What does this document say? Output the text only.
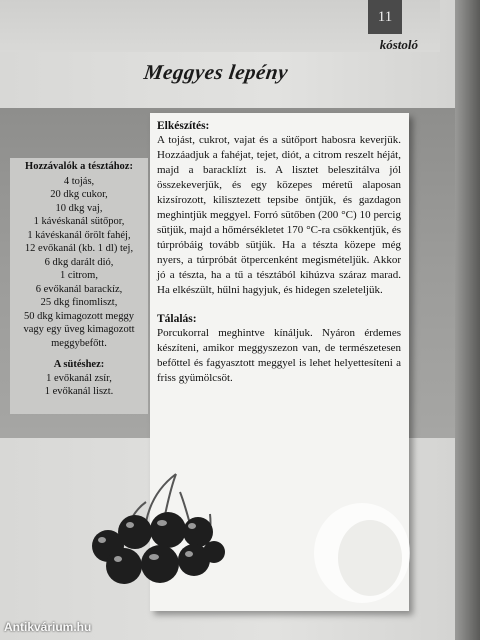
11
kóstoló
Meggyes lepény
Hozzávalók a tésztához:
4 tojás,
20 dkg cukor,
10 dkg vaj,
1 kávéskanál sütőpor,
1 kávéskanál őrölt fahéj,
12 evőkanál (kb. 1 dl) tej,
6 dkg darált dió,
1 citrom,
6 evőkanál barackíz,
25 dkg finomliszt,
50 dkg kimagozott meggy
vagy egy üveg kimagozott
meggybefőtt.
A sütéshez:
1 evőkanál zsír,
1 evőkanál liszt.
Elkészítés:

A tojást, cukrot, vajat és a sütőport habosra keverjük. Hozzáadjuk a fahéjat, tejet, diót, a citrom reszelt héját, majd a baracklízt is. A lisztet beleszitálva jól összekeverjük, és egy közepes méretű alaposan kizsírozott, kilisztezett tepsibe öntjük, és gazdagon meghintjük meggyel. Forró sütőben (200 °C) 10 percig sütjük, majd a hőmérsékletet 170 °C-ra csökkentjük, és túrpróbáig tovább sütjük. Ha a tészta közepe még nyers, a túrpróbát ötpercenként megismételjük. Akkor jó a tészta, ha a tű a tésztából kihúzva száraz marad. Ha elkészült, hűlni hagyjuk, és hidegen szeleteljük.

Tálalás:

Porcukorral meghintve kínáljuk. Nyáron érdemes készíteni, amikor meggyszezon van, de természetesen befőttel és fagyasztott meggyel is lehet helyettesíteni a friss gyümölcsöt.

Antikvárium.hu
